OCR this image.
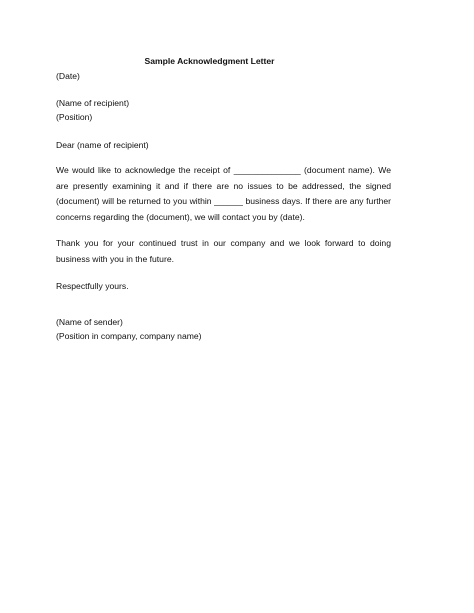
Sample Acknowledgment Letter
(Date)
(Name of recipient)
(Position)
Dear (name of recipient)
We would like to acknowledge the receipt of ______________ (document name). We are presently examining it and if there are no issues to be addressed, the signed (document) will be returned to you within ______ business days. If there are any further concerns regarding the (document), we will contact you by (date).
Thank you for your continued trust in our company and we look forward to doing business with you in the future.
Respectfully yours.
(Name of sender)
(Position in company, company name)
